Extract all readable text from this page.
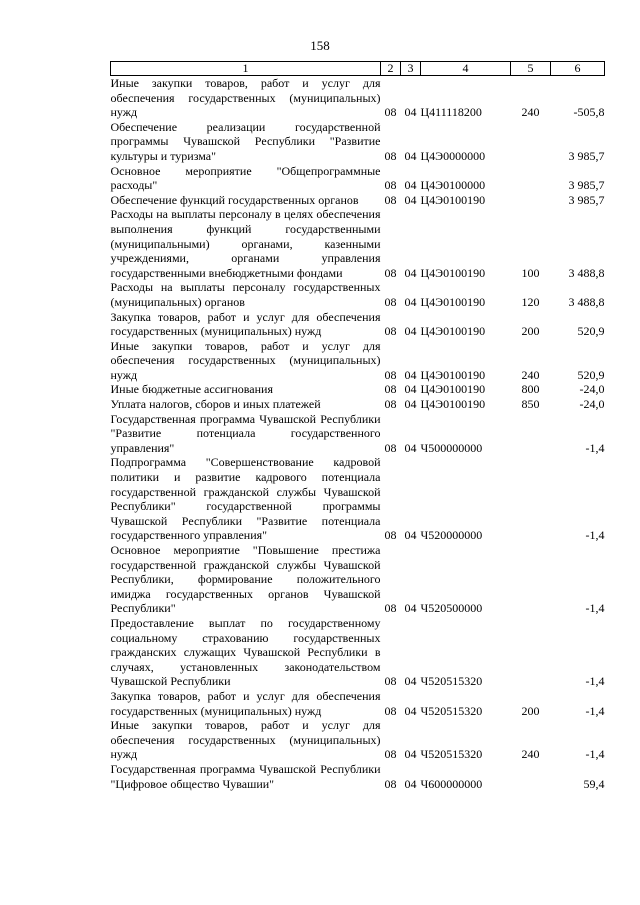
158
1	2	3	4	5	6
Иные закупки товаров, работ и услуг для обеспечения государственных (муниципальных) нужд	08	04	Ц411118200	240	-505,8
Обеспечение реализации государственной программы Чувашской Республики "Развитие культуры и туризма"	08	04	Ц4Э0000000		3 985,7
Основное мероприятие "Общепрограммные расходы"	08	04	Ц4Э0100000		3 985,7
Обеспечение функций государственных органов	08	04	Ц4Э0100190		3 985,7
Расходы на выплаты персоналу в целях обеспечения выполнения функций государственными (муниципальными) органами, казенными учреждениями, органами управления государственными внебюджетными фондами	08	04	Ц4Э0100190	100	3 488,8
Расходы на выплаты персоналу государственных (муниципальных) органов	08	04	Ц4Э0100190	120	3 488,8
Закупка товаров, работ и услуг для обеспечения государственных (муниципальных) нужд	08	04	Ц4Э0100190	200	520,9
Иные закупки товаров, работ и услуг для обеспечения государственных (муниципальных) нужд	08	04	Ц4Э0100190	240	520,9
Иные бюджетные ассигнования	08	04	Ц4Э0100190	800	-24,0
Уплата налогов, сборов и иных платежей	08	04	Ц4Э0100190	850	-24,0
Государственная программа Чувашской Республики "Развитие потенциала государственного управления"	08	04	Ч500000000		-1,4
Подпрограмма "Совершенствование кадровой политики и развитие кадрового потенциала государственной гражданской службы Чувашской Республики" государственной программы Чувашской Республики "Развитие потенциала государственного управления"	08	04	Ч520000000		-1,4
Основное мероприятие "Повышение престижа государственной гражданской службы Чувашской Республики, формирование положительного имиджа государственных органов Чувашской Республики"	08	04	Ч520500000		-1,4
Предоставление выплат по государственному социальному страхованию государственных гражданских служащих Чувашской Республики в случаях, установленных законодательством Чувашской Республики	08	04	Ч520515320		-1,4
Закупка товаров, работ и услуг для обеспечения государственных (муниципальных) нужд	08	04	Ч520515320	200	-1,4
Иные закупки товаров, работ и услуг для обеспечения государственных (муниципальных) нужд	08	04	Ч520515320	240	-1,4
Государственная программа Чувашской Республики "Цифровое общество Чувашии"	08	04	Ч600000000		59,4
